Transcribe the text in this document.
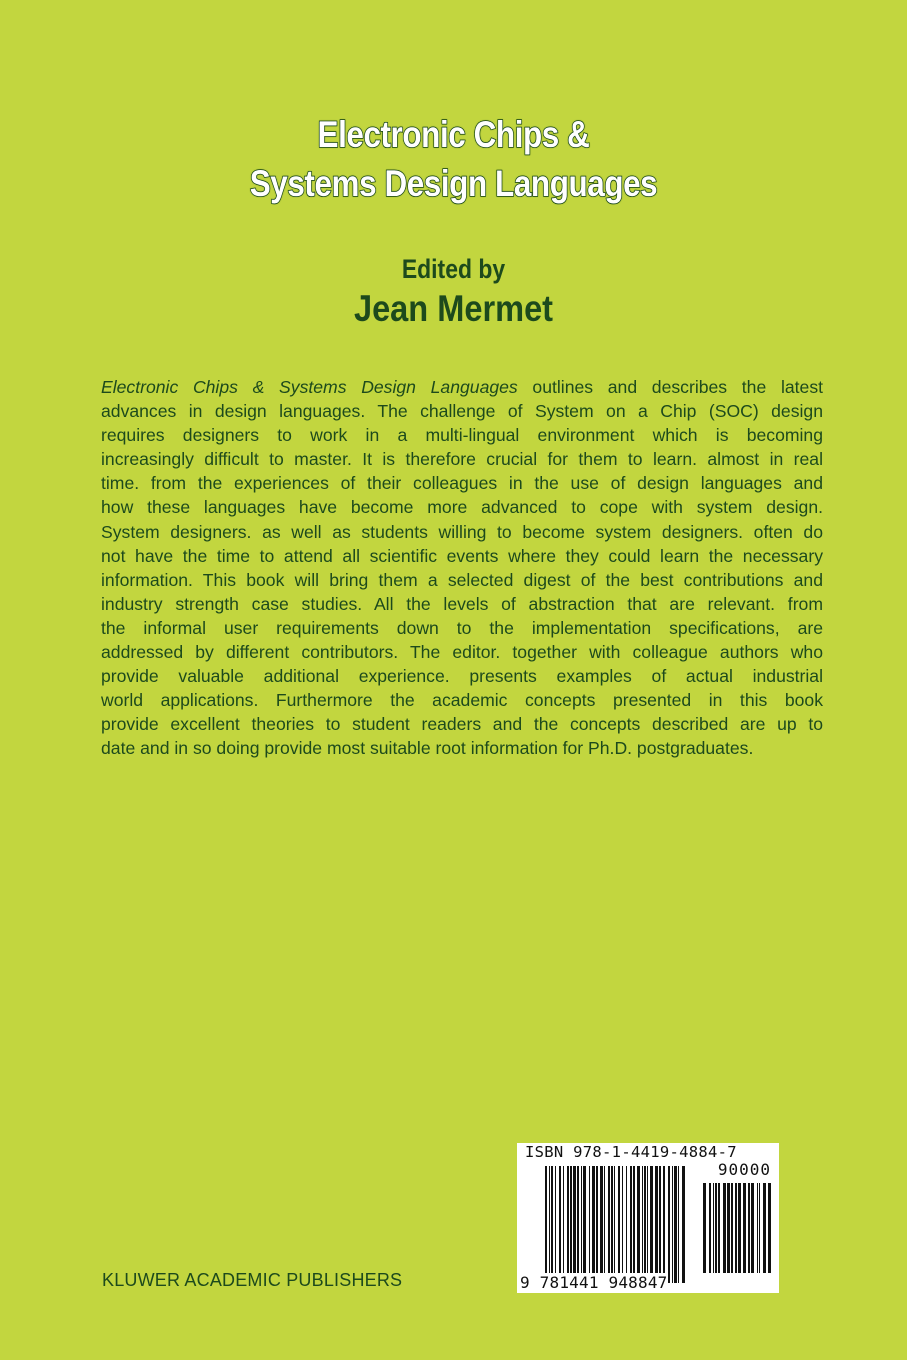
Electronic Chips &
Systems Design Languages
Edited by
Jean Mermet
Electronic Chips & Systems Design Languages outlines and describes the latest
advances in design languages. The challenge of System on a Chip (SOC) design
requires designers to work in a multi-lingual environment which is becoming
increasingly difficult to master. It is therefore crucial for them to learn. almost in real
time. from the experiences of their colleagues in the use of design languages and
how these languages have become more advanced to cope with system design.
System designers. as well as students willing to become system designers. often do
not have the time to attend all scientific events where they could learn the necessary
information. This book will bring them a selected digest of the best contributions and
industry strength case studies. All the levels of abstraction that are relevant. from
the informal user requirements down to the implementation specifications, are
addressed by different contributors. The editor. together with colleague authors who
provide valuable additional experience. presents examples of actual industrial
world applications. Furthermore the academic concepts presented in this book
provide excellent theories to student readers and the concepts described are up to
date and in so doing provide most suitable root information for Ph.D. postgraduates.
ISBN 978-1-4419-4884-7
90000
9 781441 948847
KLUWER ACADEMIC PUBLISHERS
